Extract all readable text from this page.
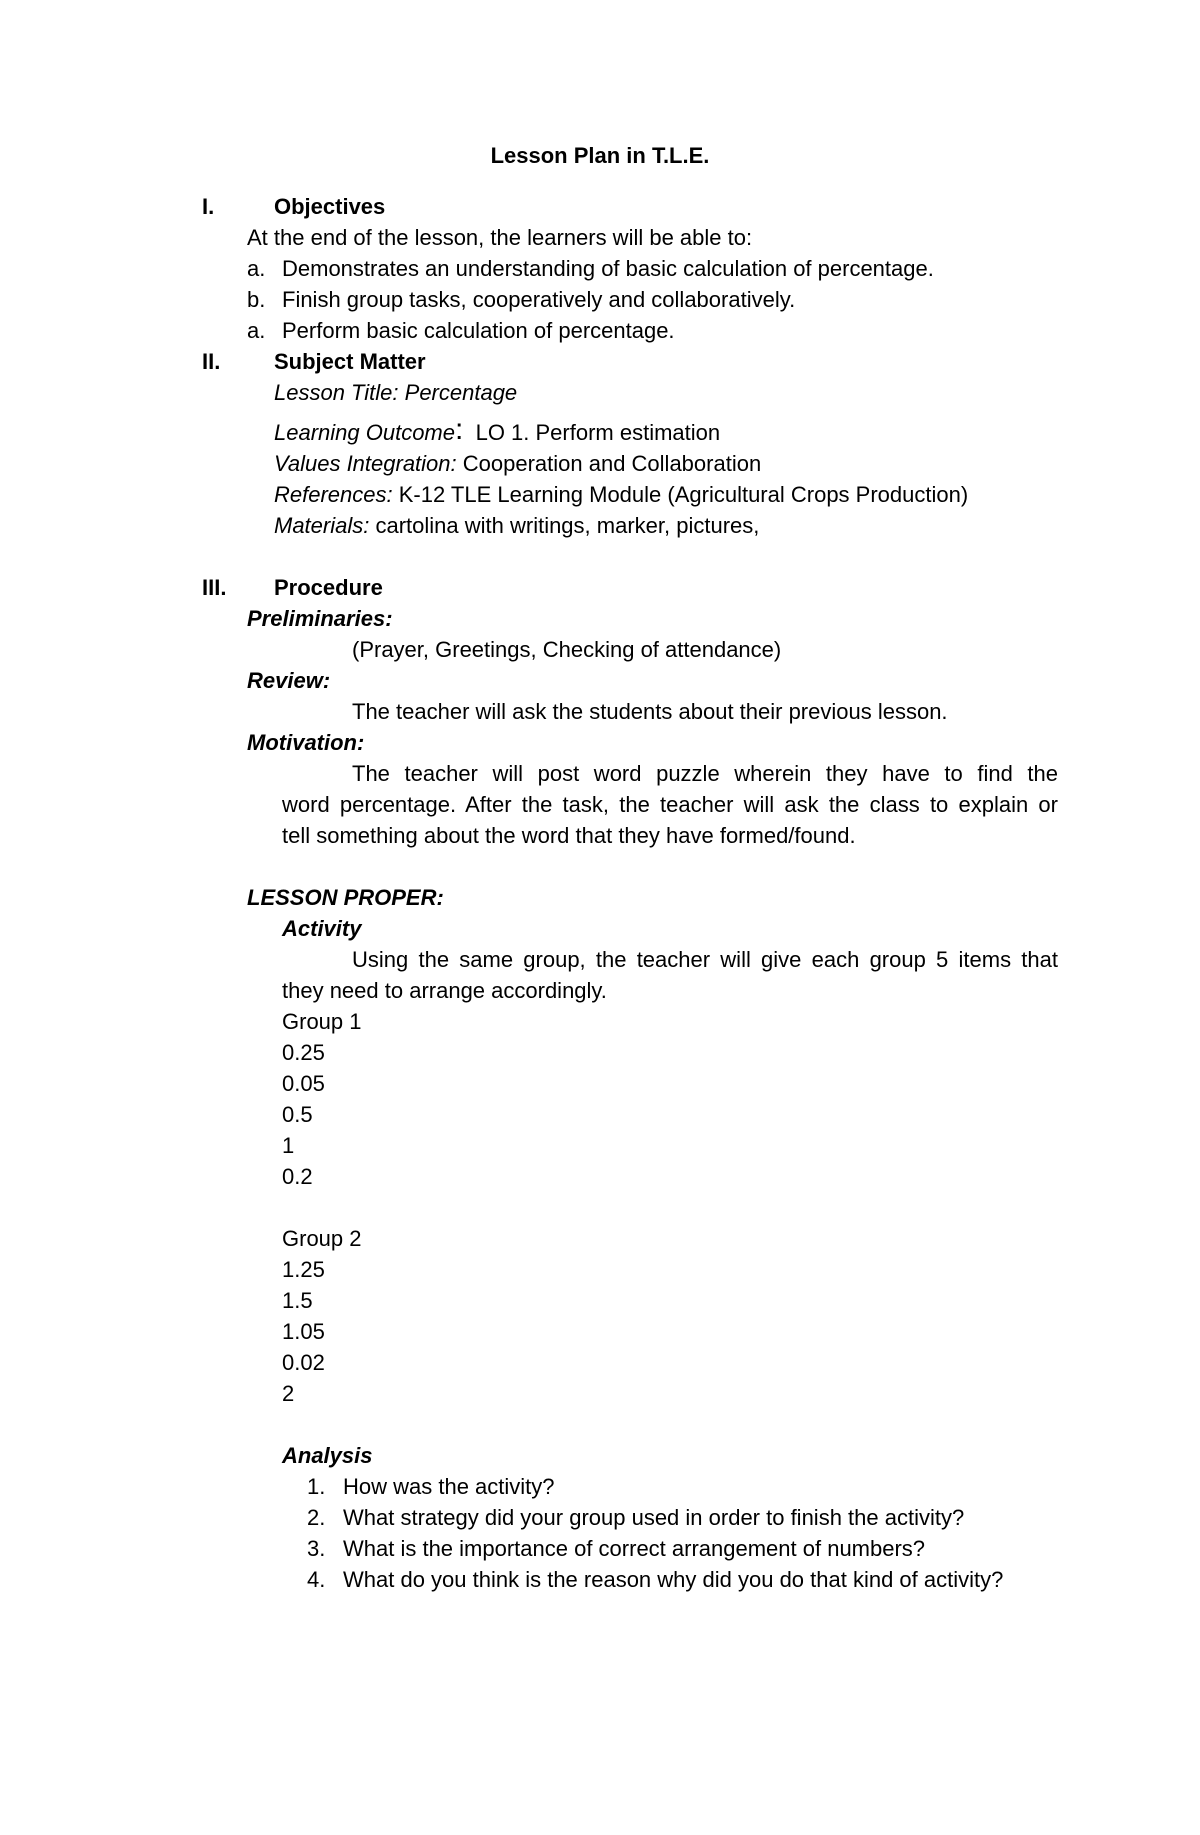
Lesson Plan in T.L.E.
I.	Objectives
At the end of the lesson, the learners will be able to:
a. Demonstrates an understanding of basic calculation of percentage.
b. Finish group tasks, cooperatively and collaboratively.
a. Perform basic calculation of percentage.
II. Subject Matter
Lesson Title: Percentage
Learning Outcome: LO 1. Perform estimation
Values Integration: Cooperation and Collaboration
References: K-12 TLE Learning Module (Agricultural Crops Production)
Materials: cartolina with writings, marker, pictures,
III. Procedure
Preliminaries:
(Prayer, Greetings, Checking of attendance)
Review:
The teacher will ask the students about their previous lesson.
Motivation:
The teacher will post word puzzle wherein they have to find the
word percentage. After the task, the teacher will ask the class to explain or
tell something about the word that they have formed/found.
LESSON PROPER:
Activity
Using the same group, the teacher will give each group 5 items that
they need to arrange accordingly.
Group 1
0.25
0.05
0.5
1
0.2
Group 2
1.25
1.5
1.05
0.02
2
Analysis
1. How was the activity?
2. What strategy did your group used in order to finish the activity?
3. What is the importance of correct arrangement of numbers?
4. What do you think is the reason why did you do that kind of activity?
